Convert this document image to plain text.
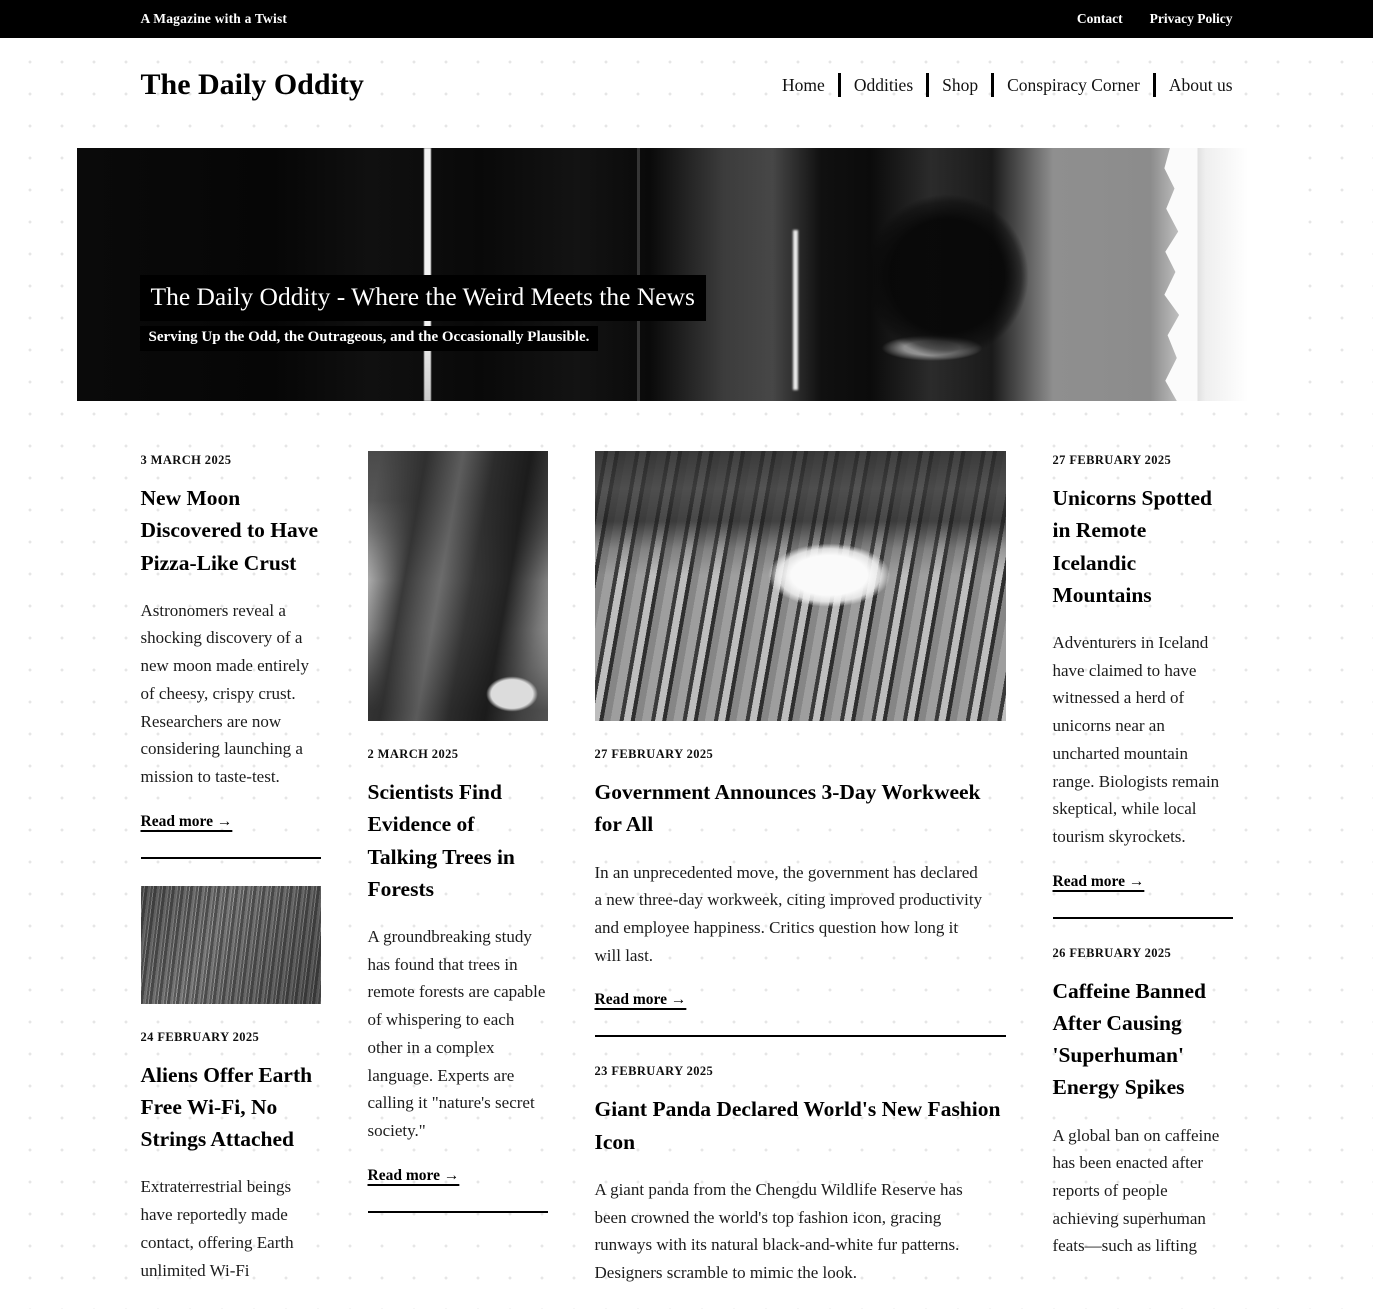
A Magazine with a Twist	Contact Privacy Policy
The Daily Oddity	Home Oddities Shop Conspiracy Corner About us
The Daily Oddity - Where the Weird Meets the News
Serving Up the Odd, the Outrageous, and the Occasionally Plausible.
3 MARCH 2025
New Moon Discovered to Have Pizza-Like Crust

Astronomers reveal a shocking discovery of a new moon made entirely of cheesy, crispy crust. Researchers are now considering launching a mission to taste-test.

Read more →
24 FEBRUARY 2025
Aliens Offer Earth Free Wi-Fi, No Strings Attached

Extraterrestrial beings have reportedly made contact, offering Earth unlimited Wi-Fi

2 MARCH 2025
Scientists Find Evidence of Talking Trees in Forests

A groundbreaking study has found that trees in remote forests are capable of whispering to each other in a complex language. Experts are calling it "nature's secret society."

Read more →
27 FEBRUARY 2025
Government Announces 3-Day Workweek for All

In an unprecedented move, the government has declared a new three-day workweek, citing improved productivity and employee happiness. Critics question how long it will last.

Read more →
23 FEBRUARY 2025
Giant Panda Declared World's New Fashion Icon

A giant panda from the Chengdu Wildlife Reserve has been crowned the world's top fashion icon, gracing runways with its natural black-and-white fur patterns. Designers scramble to mimic the look.

27 FEBRUARY 2025
Unicorns Spotted in Remote Icelandic Mountains

Adventurers in Iceland have claimed to have witnessed a herd of unicorns near an uncharted mountain range. Biologists remain skeptical, while local tourism skyrockets.

Read more →
26 FEBRUARY 2025
Caffeine Banned After Causing 'Superhuman' Energy Spikes

A global ban on caffeine has been enacted after reports of people achieving superhuman feats—such as lifting
